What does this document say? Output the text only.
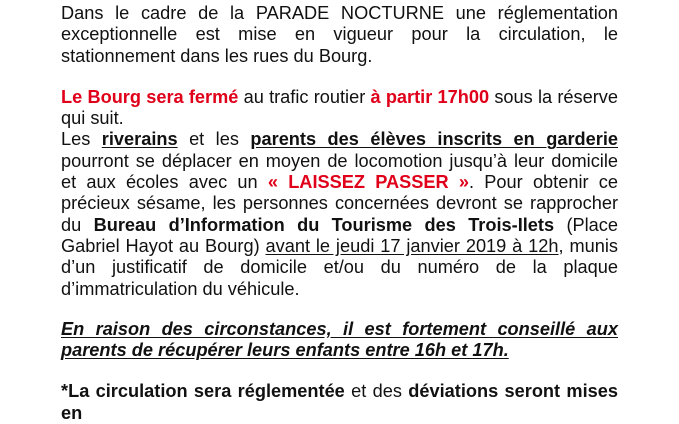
Dans le cadre de la PARADE NOCTURNE une réglementation exceptionnelle est mise en vigueur pour la circulation, le stationnement dans les rues du Bourg.

Le Bourg sera fermé au trafic routier à partir 17h00 sous la réserve qui suit.

Les riverains et les parents des élèves inscrits en garderie pourront se déplacer en moyen de locomotion jusqu’à leur domicile et aux écoles avec un « LAISSEZ PASSER ». Pour obtenir ce précieux sésame, les personnes concernées devront se rapprocher du Bureau d’Information du Tourisme des Trois-Ilets (Place Gabriel Hayot au Bourg) avant le jeudi 17 janvier 2019 à 12h, munis d’un justificatif de domicile et/ou du numéro de la plaque d’immatriculation du véhicule.

En raison des circonstances, il est fortement conseillé aux parents de récupérer leurs enfants entre 16h et 17h.

*La circulation sera réglementée et des déviations seront mises en
